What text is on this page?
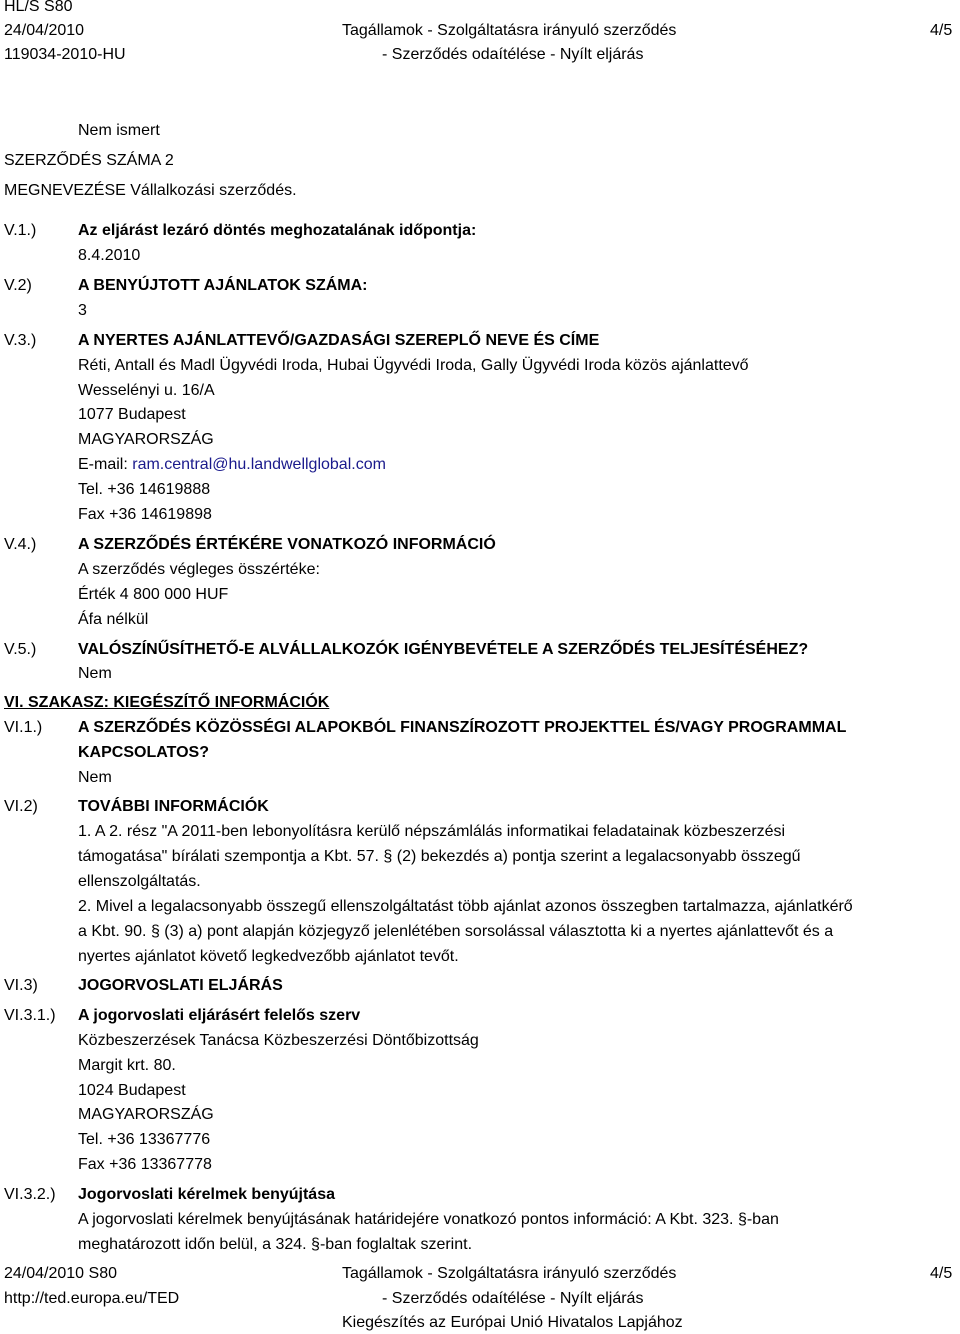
HL/S S80
24/04/2010
119034-2010-HU
Tagállamok - Szolgáltatásra irányuló szerződés
- Szerződés odaítélése - Nyílt eljárás
4/5
Nem ismert
SZERZŐDÉS SZÁMA 2
MEGNEVEZÉSE Vállalkozási szerződés.
V.1.)	Az eljárást lezáró döntés meghozatalának időpontja:
8.4.2010
V.2)	A BENYÚJTOTT AJÁNLATOK SZÁMA:
3
V.3.)	A NYERTES AJÁNLATTEVŐ/GAZDASÁGI SZEREPLŐ NEVE ÉS CÍME
Réti, Antall és Madl Ügyvédi Iroda, Hubai Ügyvédi Iroda, Gally Ügyvédi Iroda közös ajánlattevő
Wesselényi u. 16/A
1077 Budapest
MAGYARORSZÁG
E-mail: ram.central@hu.landwellglobal.com
Tel. +36 14619888
Fax +36 14619898
V.4.)	A SZERZŐDÉS ÉRTÉKÉRE VONATKOZÓ INFORMÁCIÓ
A szerződés végleges összértéke:
Érték 4 800 000 HUF
Áfa nélkül
V.5.)	VALÓSZÍNŰSÍTHETŐ-E ALVÁLLALKOZÓK IGÉNYBEVÉTELE A SZERZŐDÉS TELJESÍTÉSÉHEZ?
Nem
VI. SZAKASZ: KIEGÉSZÍTŐ INFORMÁCIÓK
VI.1.) A SZERZŐDÉS KÖZÖSSÉGI ALAPOKBÓL FINANSZÍROZOTT PROJEKTTEL ÉS/VAGY PROGRAMMAL
KAPCSOLATOS?
Nem
VI.2)	TOVÁBBI INFORMÁCIÓK
1. A 2. rész "A 2011-ben lebonyolításra kerülő népszámlálás informatikai feladatainak közbeszerzési
támogatása" bírálati szempontja a Kbt. 57. § (2) bekezdés a) pontja szerint a legalacsonyabb összegű
ellenszolgáltatás.
2. Mivel a legalacsonyabb összegű ellenszolgáltatást több ajánlat azonos összegben tartalmazza, ajánlatkérő
a Kbt. 90. § (3) a) pont alapján közjegyző jelenlétében sorsolással választotta ki a nyertes ajánlattevőt és a
nyertes ajánlatot követő legkedvezőbb ajánlatot tevőt.
VI.3)	JOGORVOSLATI ELJÁRÁS
VI.3.1.) A jogorvoslati eljárásért felelős szerv
Közbeszerzések Tanácsa Közbeszerzési Döntőbizottság
Margit krt. 80.
1024 Budapest
MAGYARORSZÁG
Tel. +36 13367776
Fax +36 13367778
VI.3.2.) Jogorvoslati kérelmek benyújtása
A jogorvoslati kérelmek benyújtásának határidejére vonatkozó pontos információ: A Kbt. 323. §-ban
meghatározott időn belül, a 324. §-ban foglaltak szerint.
24/04/2010 S80
http://ted.europa.eu/TED
Tagállamok - Szolgáltatásra irányuló szerződés
- Szerződés odaítélése - Nyílt eljárás
Kiegészítés az Európai Unió Hivatalos Lapjához
4/5
